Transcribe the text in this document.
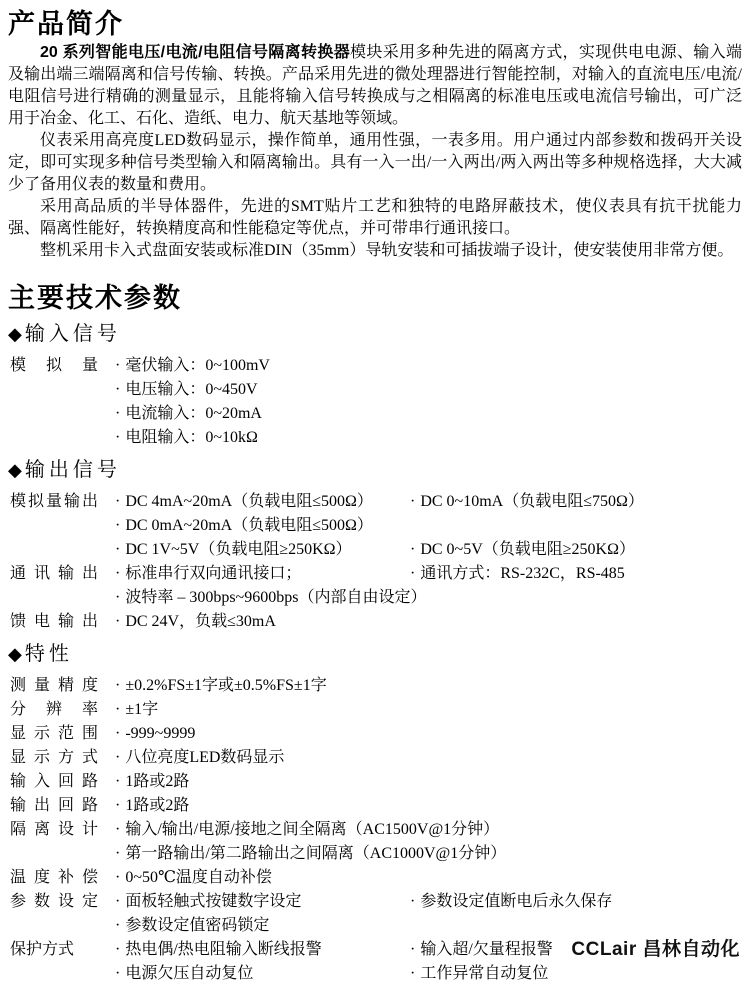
产品简介

20 系列智能电压/电流/电阻信号隔离转换器模块采用多种先进的隔离方式，实现供电电源、输入端及输出端三端隔离和信号传输、转换。产品采用先进的微处理器进行智能控制，对输入的直流电压/电流/电阻信号进行精确的测量显示，且能将输入信号转换成与之相隔离的标准电压或电流信号输出，可广泛用于冶金、化工、石化、造纸、电力、航天基地等领域。

仪表采用高亮度LED数码显示，操作简单，通用性强，一表多用。用户通过内部参数和拨码开关设定，即可实现多种信号类型输入和隔离输出。具有一入一出/一入两出/两入两出等多种规格选择，大大减少了备用仪表的数量和费用。

采用高品质的半导体器件，先进的SMT贴片工艺和独特的电路屏蔽技术，使仪表具有抗干扰能力强、隔离性能好，转换精度高和性能稳定等优点，并可带串行通讯接口。

整机采用卡入式盘面安装或标准DIN（35mm）导轨安装和可插拔端子设计，使安装使用非常方便。

主要技术参数
◆ 输入信号
模拟量 · 毫伏输入：0~100mV
· 电压输入：0~450V
· 电流输入：0~20mA
· 电阻输入：0~10kΩ
◆ 输出信号
模拟量输出 · DC 4mA~20mA（负载电阻≤500Ω）	· DC 0~10mA（负载电阻≤750Ω）
· DC 0mA~20mA（负载电阻≤500Ω）
· DC 1V~5V（负载电阻≥250KΩ）	· DC 0~5V（负载电阻≥250KΩ）
通讯输出 · 标准串行双向通讯接口；	· 通讯方式：RS-232C，RS-485
· 波特率 – 300bps~9600bps（内部自由设定）
馈电输出 · DC 24V，负载≤30mA
◆ 特性
测量精度 · ±0.2%FS±1字或±0.5%FS±1字
分辨率 · ±1字
显示范围 · -999~9999
显示方式 · 八位亮度LED数码显示
输入回路 · 1路或2路
输出回路 · 1路或2路
隔离设计 · 输入/输出/电源/接地之间全隔离（AC1500V@1分钟）
· 第一路输出/第二路输出之间隔离（AC1000V@1分钟）
温度补偿 · 0~50℃温度自动补偿
参数设定 · 面板轻触式按键数字设定	· 参数设定值断电后永久保存
· 参数设定值密码锁定
保护方式	· 热电偶/热电阻输入断线报警	· 输入超/欠量程报警
· 电源欠压自动复位	· 工作异常自动复位
CCLair 昌林自动化
